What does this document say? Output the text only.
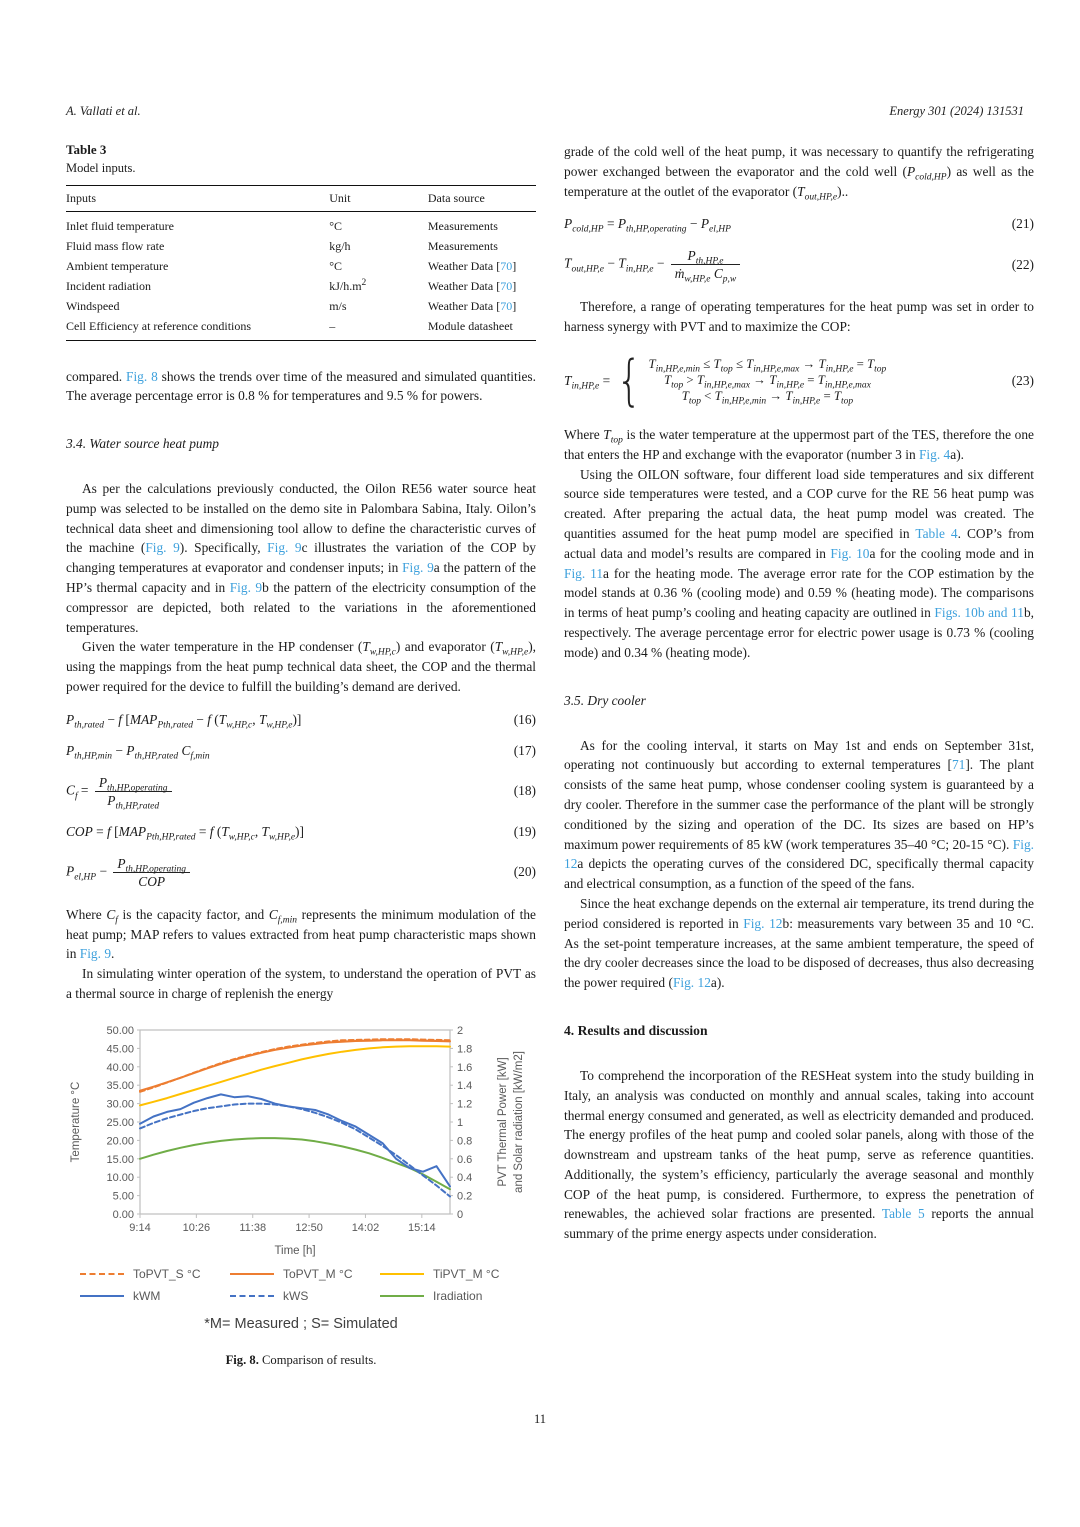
A. Vallati et al.	Energy 301 (2024) 131531
Table 3
Model inputs.
Inputs	Unit	Data source
Inlet fluid temperature	°C	Measurements
Fluid mass flow rate	kg/h	Measurements
Ambient temperature	°C	Weather Data [70]
Incident radiation	$kJ/h.m^2$	Weather Data [70]
Windspeed	m/s	Weather Data [70]
Cell Efficiency at reference conditions	–	Module datasheet

compared. Fig. 8 shows the trends over time of the measured and simulated quantities. The average percentage error is 0.8 % for temperatures and 9.5 % for powers.

3.4. Water source heat pump

As per the calculations previously conducted, the Oilon RE56 water source heat pump was selected to be installed on the demo site in Palombara Sabina, Italy. Oilon’s technical data sheet and dimensioning tool allow to define the characteristic curves of the machine (Fig. 9). Specifically, Fig. 9c illustrates the variation of the COP by changing temperatures at evaporator and condenser inputs; in Fig. 9a the pattern of the HP’s thermal capacity and in Fig. 9b the pattern of the electricity consumption of the compressor are depicted, both related to the variations in the aforementioned temperatures.

Given the water temperature in the HP condenser $(T_{w,HP,c})$ and evaporator $(T_{w,HP,e})$, using the mappings from the heat pump technical data sheet, the COP and the thermal power required for the device to fulfill the building’s demand are derived.

$P_{th,rated} - f$ [$MAP_{Pth,rated} - f$ ($T_{w,HP,c}$, $T_{w,HP,e}$)]	(16)
$P_{th,HP,min} - P_{th,HP,rated}$ $C_{f,min}$	(17)
$C_f = \frac{P_{th,HP,operating}}{P_{th,HP,rated}}$	(18)
COP = f [$MAP_{Pth,HP,rated} = f$ ($T_{w,HP,c}$, $T_{w,HP,e}$)]	(19)
$P_{el,HP} - \frac{P_{th,HP,operating}}{\text{COP}}$	(20)

Where $C_f$ is the capacity factor, and $C_{f,min}$ represents the minimum modulation of the heat pump; MAP refers to values extracted from heat pump characteristic maps shown in Fig. 9.

In simulating winter operation of the system, to understand the operation of PVT as a thermal source in charge of replenish the energy

0.00
5.00
10.00
15.00
20.00
25.00
30.00
35.00
40.00
45.00
50.00
0
0.2
0.4
0.6
0.8
1
1.2
1.4
1.6
1.8
2
9:14	10:26	11:38	12:50	14:02	15:14
Time [h]
Temperature °C	PVT Thermal Power [kW] and Solar radiation [kW/m2]
ToPVT_S °C	ToPVT_M °C	TiPVT_M °C
kWM	kWS	Iradiation
*M= Measured ; S= Simulated
Fig. 8. Comparison of results.

grade of the cold well of the heat pump, it was necessary to quantify the refrigerating power exchanged between the evaporator and the cold well $(P_{cold,HP})$ as well as the temperature at the outlet of the evaporator $(T_{out,HP,e})$..

$P_{cold,HP} = P_{th,HP,operating} - P_{el,HP}$	(21)
$T_{out,HP,e} - T_{in,HP,e} - \frac{P_{th,HP,e}}{ṁ_{w,HP,e} C_{p,w}}$	(22)

Therefore, a range of operating temperatures for the heat pump was set in order to harness synergy with PVT and to maximize the COP:

$T_{in,HP,e}$ = { $T_{in,HP,e,min} \le T_{top} \le T_{in,HP,e,max} \to T_{in,HP,e} = T_{top}$
$T_{top} > T_{in,HP,e,max} \to T_{in,HP,e} = T_{in,HP,e,max}$
$T_{top} < T_{in,HP,e,min} \to T_{in,HP,e} = T_{top}$
(23)

Where $T_{top}$ is the water temperature at the uppermost part of the TES, therefore the one that enters the HP and exchange with the evaporator (number 3 in Fig. 4a).

Using the OILON software, four different load side temperatures and six different source side temperatures were tested, and a COP curve for the RE 56 heat pump was created. After preparing the actual data, the heat pump model was created. The quantities assumed for the heat pump model are specified in Table 4. COP’s from actual data and model’s results are compared in Fig. 10a for the cooling mode and in Fig. 11a for the heating mode. The average error rate for the COP estimation by the model stands at 0.36 % (cooling mode) and 0.59 % (heating mode). The comparisons in terms of heat pump’s cooling and heating capacity are outlined in Figs. 10b and 11b, respectively. The average percentage error for electric power usage is 0.73 % (cooling mode) and 0.34 % (heating mode).

3.5. Dry cooler

As for the cooling interval, it starts on May 1st and ends on September 31st, operating not continuously but according to external temperatures [71]. The plant consists of the same heat pump, whose condenser cooling system is guaranteed by a dry cooler. Therefore in the summer case the performance of the plant will be strongly conditioned by the sizing and operation of the DC. Its sizes are based on HP’s maximum power requirements of 85 kW (work temperatures 35–40 °C; 20-15 °C). Fig. 12a depicts the operating curves of the considered DC, specifically thermal capacity and electrical consumption, as a function of the speed of the fans.

Since the heat exchange depends on the external air temperature, its trend during the period considered is reported in Fig. 12b: measurements vary between 35 and 10 °C. As the set-point temperature increases, at the same ambient temperature, the speed of the dry cooler decreases since the load to be disposed of decreases, thus also decreasing the power required (Fig. 12a).

4. Results and discussion

To comprehend the incorporation of the RESHeat system into the study building in Italy, an analysis was conducted on monthly and annual scales, taking into account thermal energy consumed and generated, as well as electricity demanded and produced. The energy profiles of the heat pump and cooled solar panels, along with those of the downstream and upstream tanks of the heat pump, serve as reference quantities. Additionally, the system’s efficiency, particularly the average seasonal and monthly COP of the heat pump, is considered. Furthermore, to express the penetration of renewables, the achieved solar fractions are presented. Table 5 reports the annual summary of the prime energy aspects under consideration.

11
